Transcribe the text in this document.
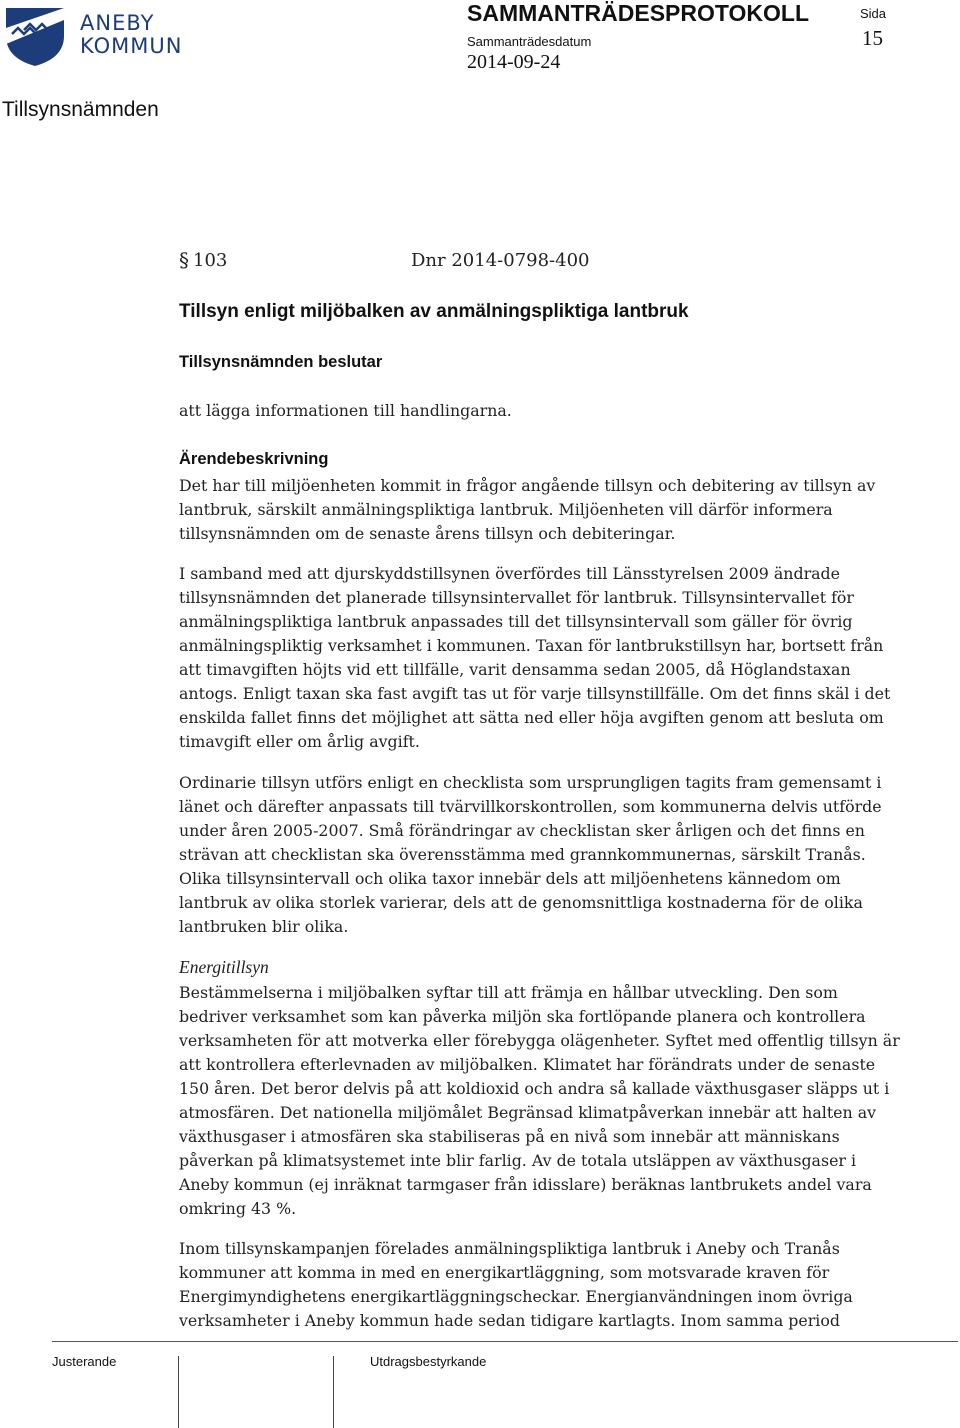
ANEBY
KOMMUN
Tillsynsnämnden
SAMMANTRÄDESPROTOKOLL	Sida
15
Sammanträdesdatum
2014-09-24
§ 103	Dnr 2014-0798-400
Tillsyn enligt miljöbalken av anmälningspliktiga lantbruk
Tillsynsnämnden beslutar
att lägga informationen till handlingarna.
Ärendebeskrivning
Det har till miljöenheten kommit in frågor angående tillsyn och debitering av tillsyn av lantbruk, särskilt anmälningspliktiga lantbruk. Miljöenheten vill därför informera tillsynsnämnden om de senaste årens tillsyn och debiteringar.
I samband med att djurskyddstillsynen överfördes till Länsstyrelsen 2009 ändrade tillsynsnämnden det planerade tillsynsintervallet för lantbruk. Tillsynsintervallet för anmälningspliktiga lantbruk anpassades till det tillsynsintervall som gäller för övrig anmälningspliktig verksamhet i kommunen. Taxan för lantbrukstillsyn har, bortsett från att timavgiften höjts vid ett tillfälle, varit densamma sedan 2005, då Höglandstaxan antogs. Enligt taxan ska fast avgift tas ut för varje tillsynstillfälle. Om det finns skäl i det enskilda fallet finns det möjlighet att sätta ned eller höja avgiften genom att besluta om timavgift eller om årlig avgift.
Ordinarie tillsyn utförs enligt en checklista som ursprungligen tagits fram gemensamt i länet och därefter anpassats till tvärvillkorskontrollen, som kommunerna delvis utförde under åren 2005-2007. Små förändringar av checklistan sker årligen och det finns en strävan att checklistan ska överensstämma med grannkommunernas, särskilt Tranås. Olika tillsynsintervall och olika taxor innebär dels att miljöenhetens kännedom om lantbruk av olika storlek varierar, dels att de genomsnittliga kostnaderna för de olika lantbruken blir olika.
Energitillsyn
Bestämmelserna i miljöbalken syftar till att främja en hållbar utveckling. Den som bedriver verksamhet som kan påverka miljön ska fortlöpande planera och kontrollera verksamheten för att motverka eller förebygga olägenheter. Syftet med offentlig tillsyn är att kontrollera efterlevnaden av miljöbalken. Klimatet har förändrats under de senaste 150 åren. Det beror delvis på att koldioxid och andra så kallade växthusgaser släpps ut i atmosfären. Det nationella miljömålet Begränsad klimatpåverkan innebär att halten av växthusgaser i atmosfären ska stabiliseras på en nivå som innebär att människans påverkan på klimatsystemet inte blir farlig. Av de totala utsläppen av växthusgaser i Aneby kommun (ej inräknat tarmgaser från idisslare) beräknas lantbrukets andel vara omkring 43 %.
Inom tillsynskampanjen förelades anmälningspliktiga lantbruk i Aneby och Tranås kommuner att komma in med en energikartläggning, som motsvarade kraven för Energimyndighetens energikartläggningscheckar. Energianvändningen inom övriga verksamheter i Aneby kommun hade sedan tidigare kartlagts. Inom samma period
Justerande	Utdragsbestyrkande
